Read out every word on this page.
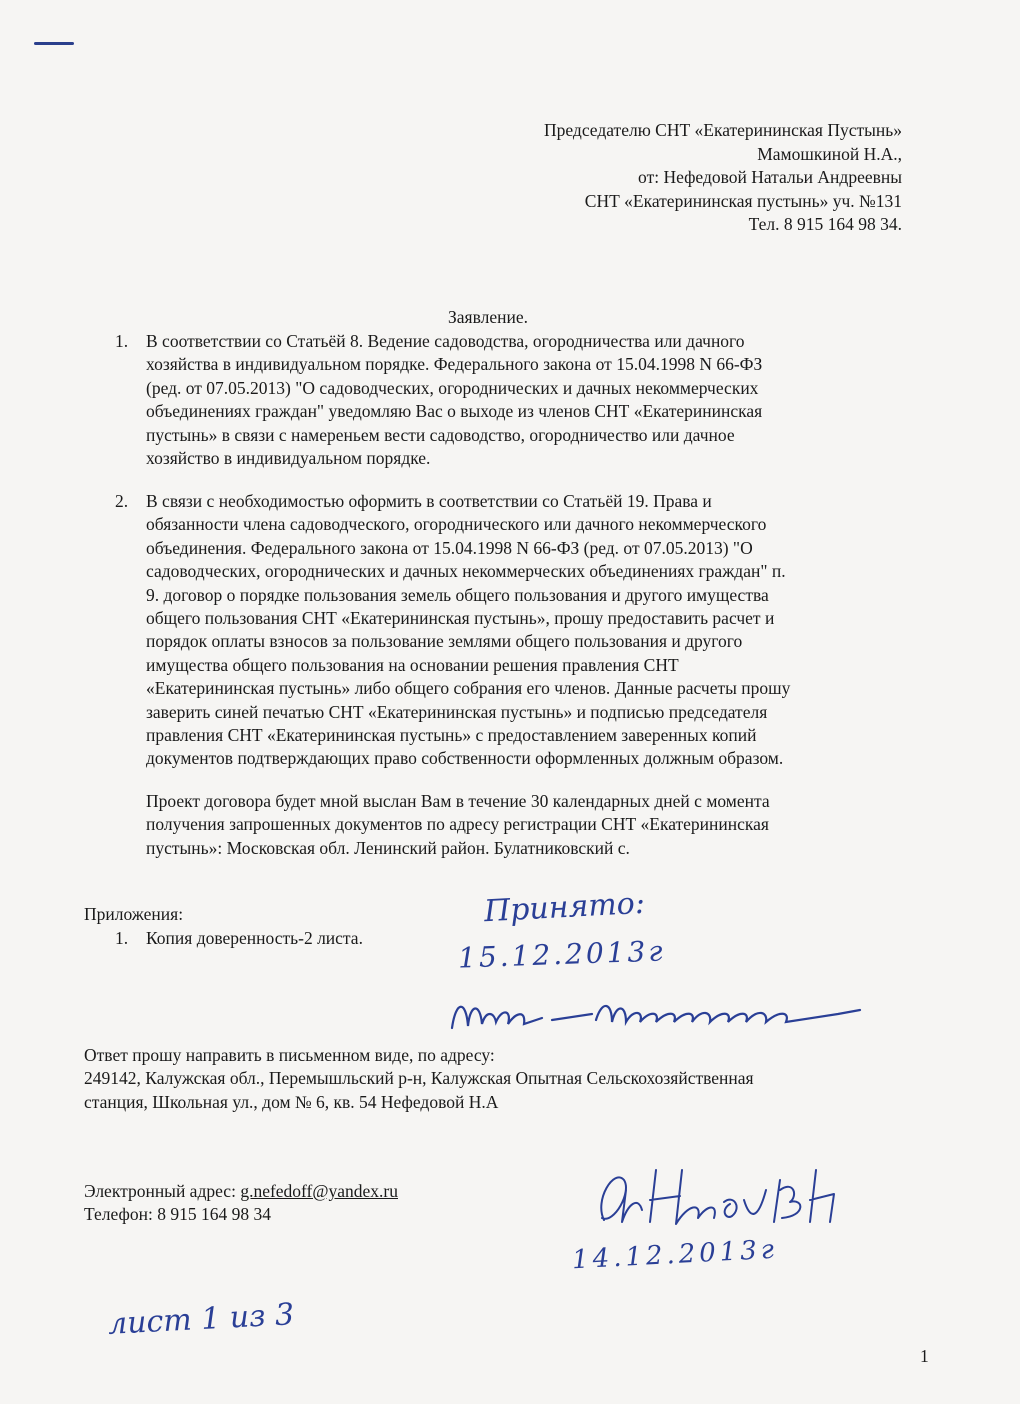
Председателю СНТ «Екатерининская Пустынь»
Мамошкиной Н.А.,
от: Нефедовой Натальи Андреевны
СНТ «Екатерининская пустынь» уч. №131
Тел. 8 915 164 98 34.
Заявление.
1. В соответствии со Статьёй 8. Ведение садоводства, огородничества или дачного
хозяйства в индивидуальном порядке. Федерального закона от 15.04.1998 N 66-ФЗ
(ред. от 07.05.2013) "О садоводческих, огороднических и дачных некоммерческих
объединениях граждан" уведомляю Вас о выходе из членов СНТ «Екатерининская
пустынь» в связи с намереньем вести садоводство, огородничество или дачное
хозяйство в индивидуальном порядке.
2. В связи с необходимостью оформить в соответствии со Статьёй 19. Права и
обязанности члена садоводческого, огороднического или дачного некоммерческого
объединения. Федерального закона от 15.04.1998 N 66-ФЗ (ред. от 07.05.2013) "О
садоводческих, огороднических и дачных некоммерческих объединениях граждан" п.
9. договор о порядке пользования земель общего пользования и другого имущества
общего пользования СНТ «Екатерининская пустынь», прошу предоставить расчет и
порядок оплаты взносов за пользование землями общего пользования и другого
имущества общего пользования на основании решения правления СНТ
«Екатерининская пустынь» либо общего собрания его членов. Данные расчеты прошу
заверить синей печатью СНТ «Екатерининская пустынь» и подписью председателя
правления СНТ «Екатерининская пустынь» с предоставлением заверенных копий
документов подтверждающих право собственности оформленных должным образом.
Проект договора будет мной выслан Вам в течение 30 календарных дней с момента
получения запрошенных документов по адресу регистрации СНТ «Екатерининская
пустынь»: Московская обл. Ленинский район. Булатниковский с.
Приложения:
1. Копия доверенность-2 листа.
Ответ прошу направить в письменном виде, по адресу:
249142, Калужская обл., Перемышльский р-н, Калужская Опытная Сельскохозяйственная
станция, Школьная ул., дом № 6, кв. 54 Нефедовой Н.А
Электронный адрес: g.nefedoff@yandex.ru
Телефон: 8 915 164 98 34
1
Принято:
15.12.2013г
14.12.2013г
лист 1 из 3
